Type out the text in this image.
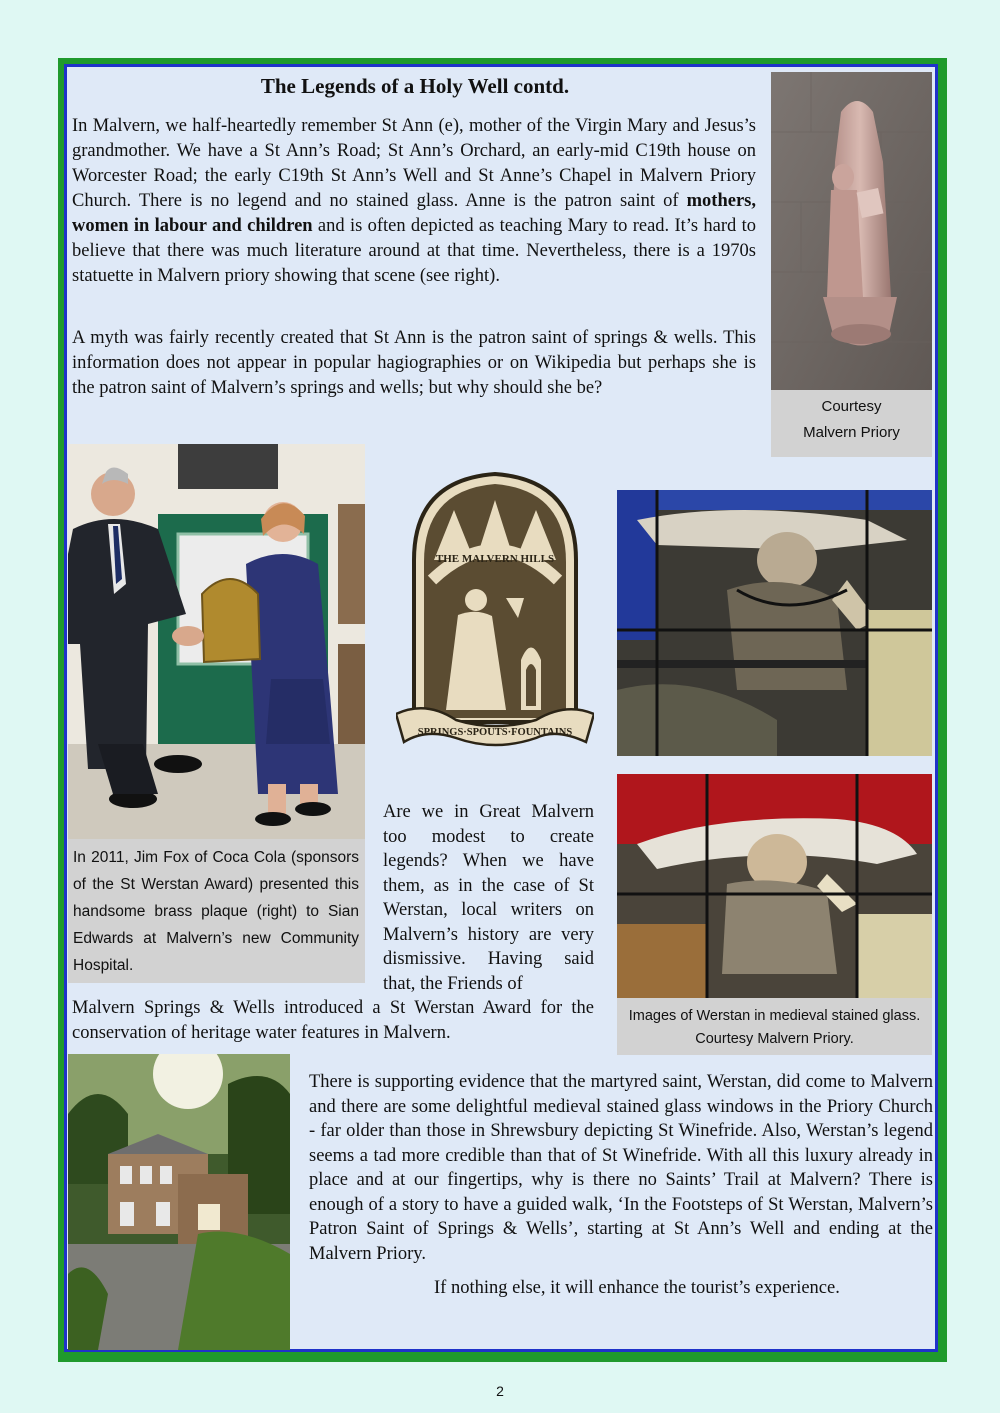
The Legends of a Holy Well contd.

In Malvern, we half-heartedly remember St Ann (e), mother of the Virgin Mary and Jesus’s grandmother. We have a St Ann’s Road; St Ann’s Orchard, an early-mid C19th house on Worcester Road; the early C19th St Ann’s Well and St Anne’s Chapel in Malvern Priory Church. There is no legend and no stained glass. Anne is the patron saint of mothers, women in labour and children and is often depicted as teaching Mary to read. It’s hard to believe that there was much literature around at that time. Nevertheless, there is a 1970s statuette in Malvern priory showing that scene (see right).

A myth was fairly recently created that St Ann is the patron saint of springs & wells. This information does not appear in popular hagiographies or on Wikipedia but perhaps she is the patron saint of Malvern’s springs and wells; but why should she be?

Courtesy
Malvern Priory
In 2011, Jim Fox of Coca Cola (sponsors of the St Werstan Award) presented this handsome brass plaque (right) to Sian Edwards at Malvern’s new Community Hospital.
THE MALVERN HILLS
SPRINGS·SPOUTS·FOUNTAINS
Images of Werstan in medieval stained glass. Courtesy Malvern Priory.

Are we in Great Malvern too modest to create legends? When we have them, as in the case of St Werstan, local writers on Malvern’s history are very dismissive. Having said that, the Friends of

Malvern Springs & Wells introduced a St Werstan Award for the conservation of heritage water features in Malvern.

There is supporting evidence that the martyred saint, Werstan, did come to Malvern and there are some delightful medieval stained glass windows in the Priory Church - far older than those in Shrewsbury depicting St Winefride. Also, Werstan’s legend seems a tad more credible than that of St Winefride. With all this luxury already in place and at our fingertips, why is there no Saints’ Trail at Malvern? There is enough of a story to have a guided walk, ‘In the Footsteps of St Werstan, Malvern’s Patron Saint of Springs & Wells’, starting at St Ann’s Well and ending at the Malvern Priory.

If nothing else, it will enhance the tourist’s experience.

2
